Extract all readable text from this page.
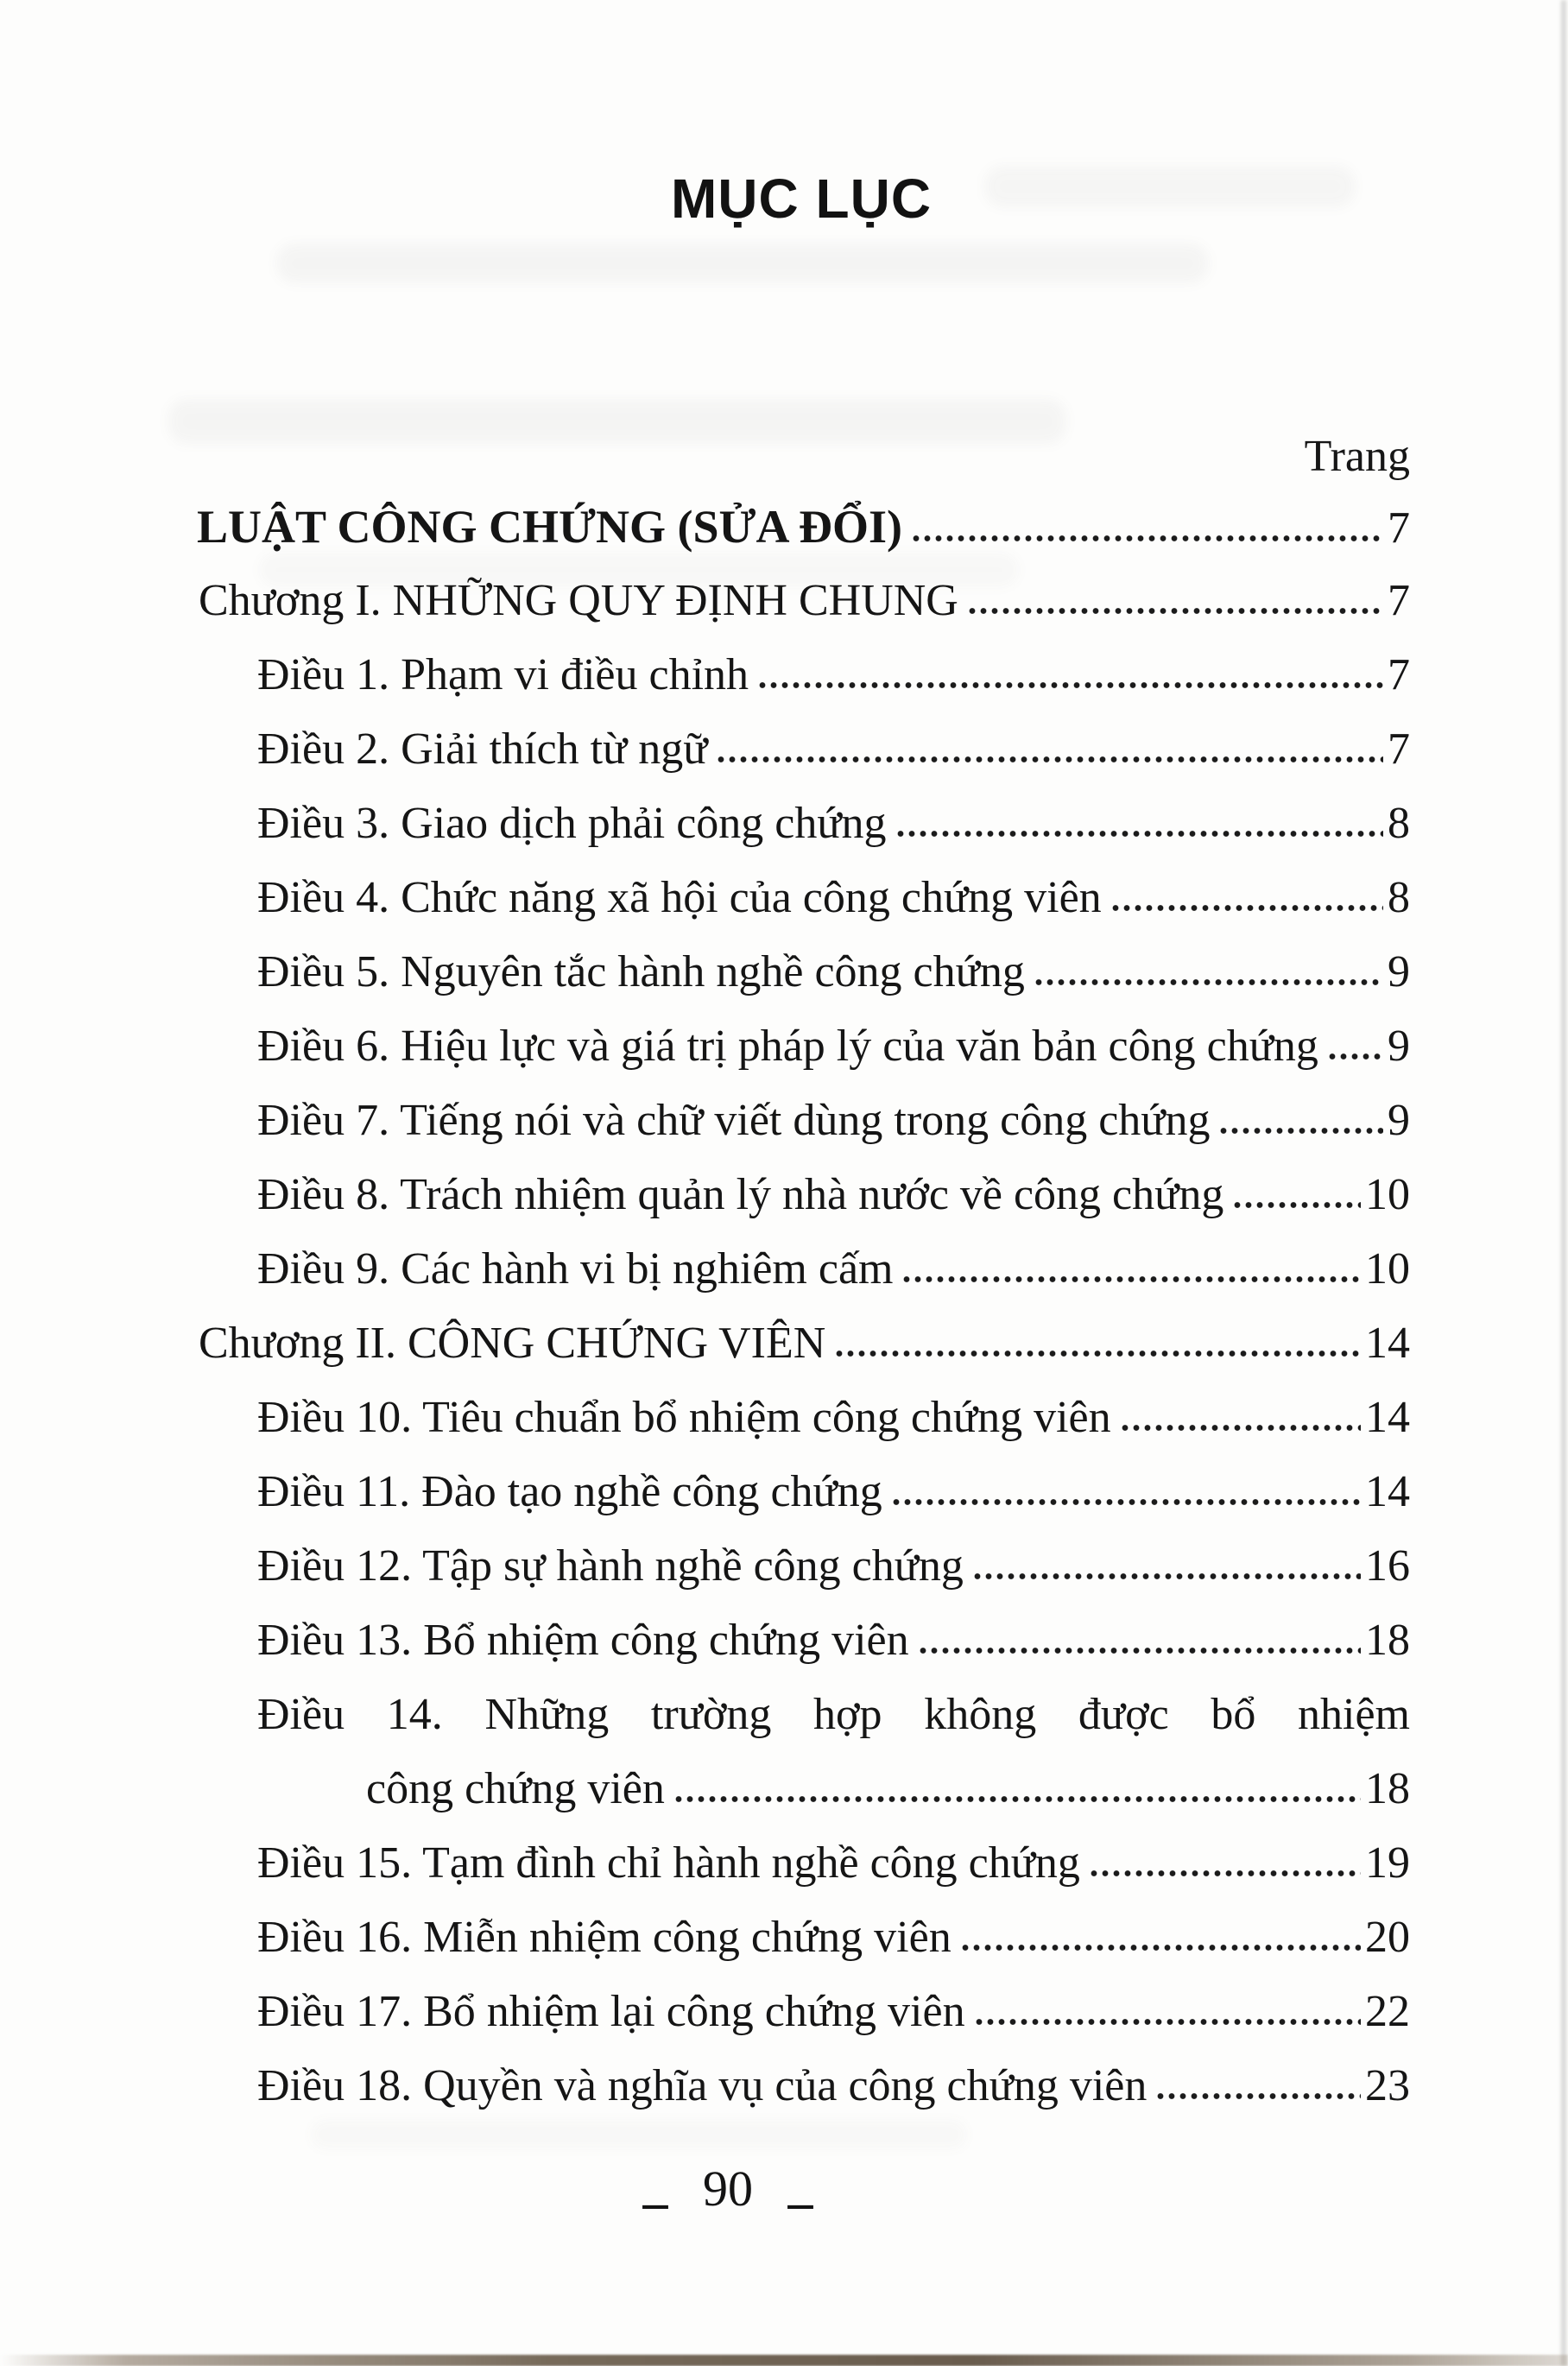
MỤC LỤC
Trang
LUẬT CÔNG CHỨNG (SỬA ĐỔI)	7
Chương I. NHỮNG QUY ĐỊNH CHUNG	7
Điều 1. Phạm vi điều chỉnh	7
Điều 2. Giải thích từ ngữ	7
Điều 3. Giao dịch phải công chứng	8
Điều 4. Chức năng xã hội của công chứng viên	8
Điều 5. Nguyên tắc hành nghề công chứng	9
Điều 6. Hiệu lực và giá trị pháp lý của văn bản công chứng 9
Điều 7. Tiếng nói và chữ viết dùng trong công chứng	9
Điều 8. Trách nhiệm quản lý nhà nước về công chứng	10
Điều 9. Các hành vi bị nghiêm cấm	10
Chương II. CÔNG CHỨNG VIÊN	14
Điều 10. Tiêu chuẩn bổ nhiệm công chứng viên	14
Điều 11. Đào tạo nghề công chứng	14
Điều 12. Tập sự hành nghề công chứng	16
Điều 13. Bổ nhiệm công chứng viên	18
Điều 14. Những trường hợp không được bổ nhiệm
công chứng viên	18
Điều 15. Tạm đình chỉ hành nghề công chứng	19
Điều 16. Miễn nhiệm công chứng viên	20
Điều 17. Bổ nhiệm lại công chứng viên	22
Điều 18. Quyền và nghĩa vụ của công chứng viên	23
_ 90 _
